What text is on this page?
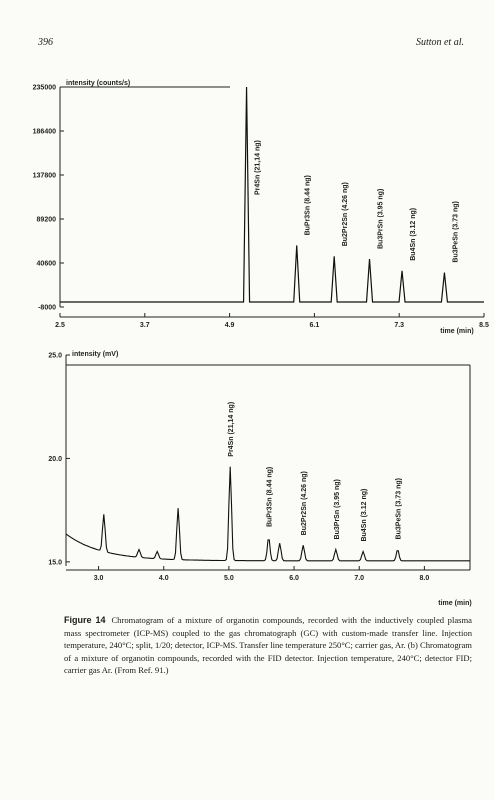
396	Sutton et al.
235000
186400
137800
89200
40600
-8000
2.5	3.7	4.9	6.1	7.3	8.5
intensity (counts/s)
time (min)
Pr4Sn (21,14 ng)
BuPr3Sn (8.44 ng)	Bu2Pr2Sn (4.26 ng)	Bu3PrSn (3.95 ng)	Bu4Sn (3.12 ng)	Bu3PeSn (3.73 ng)
25.0
20.0
15.0
3.0	4.0	5.0	6.0	7.0	8.0
intensity (mV)
time (min)
Pr4Sn (21,14 ng)
BuPr3Sn (8.44 ng)	Bu2Pr2Sn (4.26 ng)	Bu3PrSn (3.95 ng)	Bu4Sn (3.12 ng)	Bu3PeSn (3.73 ng)
Figure 14 Chromatogram of a mixture of organotin compounds, recorded with the inductively coupled plasma mass spectrometer (ICP-MS) coupled to the gas chromatograph (GC) with custom-made transfer line. Injection temperature, 240°C; split, 1/20; detector, ICP-MS. Transfer line temperature 250°C; carrier gas, Ar. (b) Chromatogram of a mixture of organotin compounds, recorded with the FID detector. Injection temperature, 240°C; detector FID; carrier gas Ar. (From Ref. 91.)
